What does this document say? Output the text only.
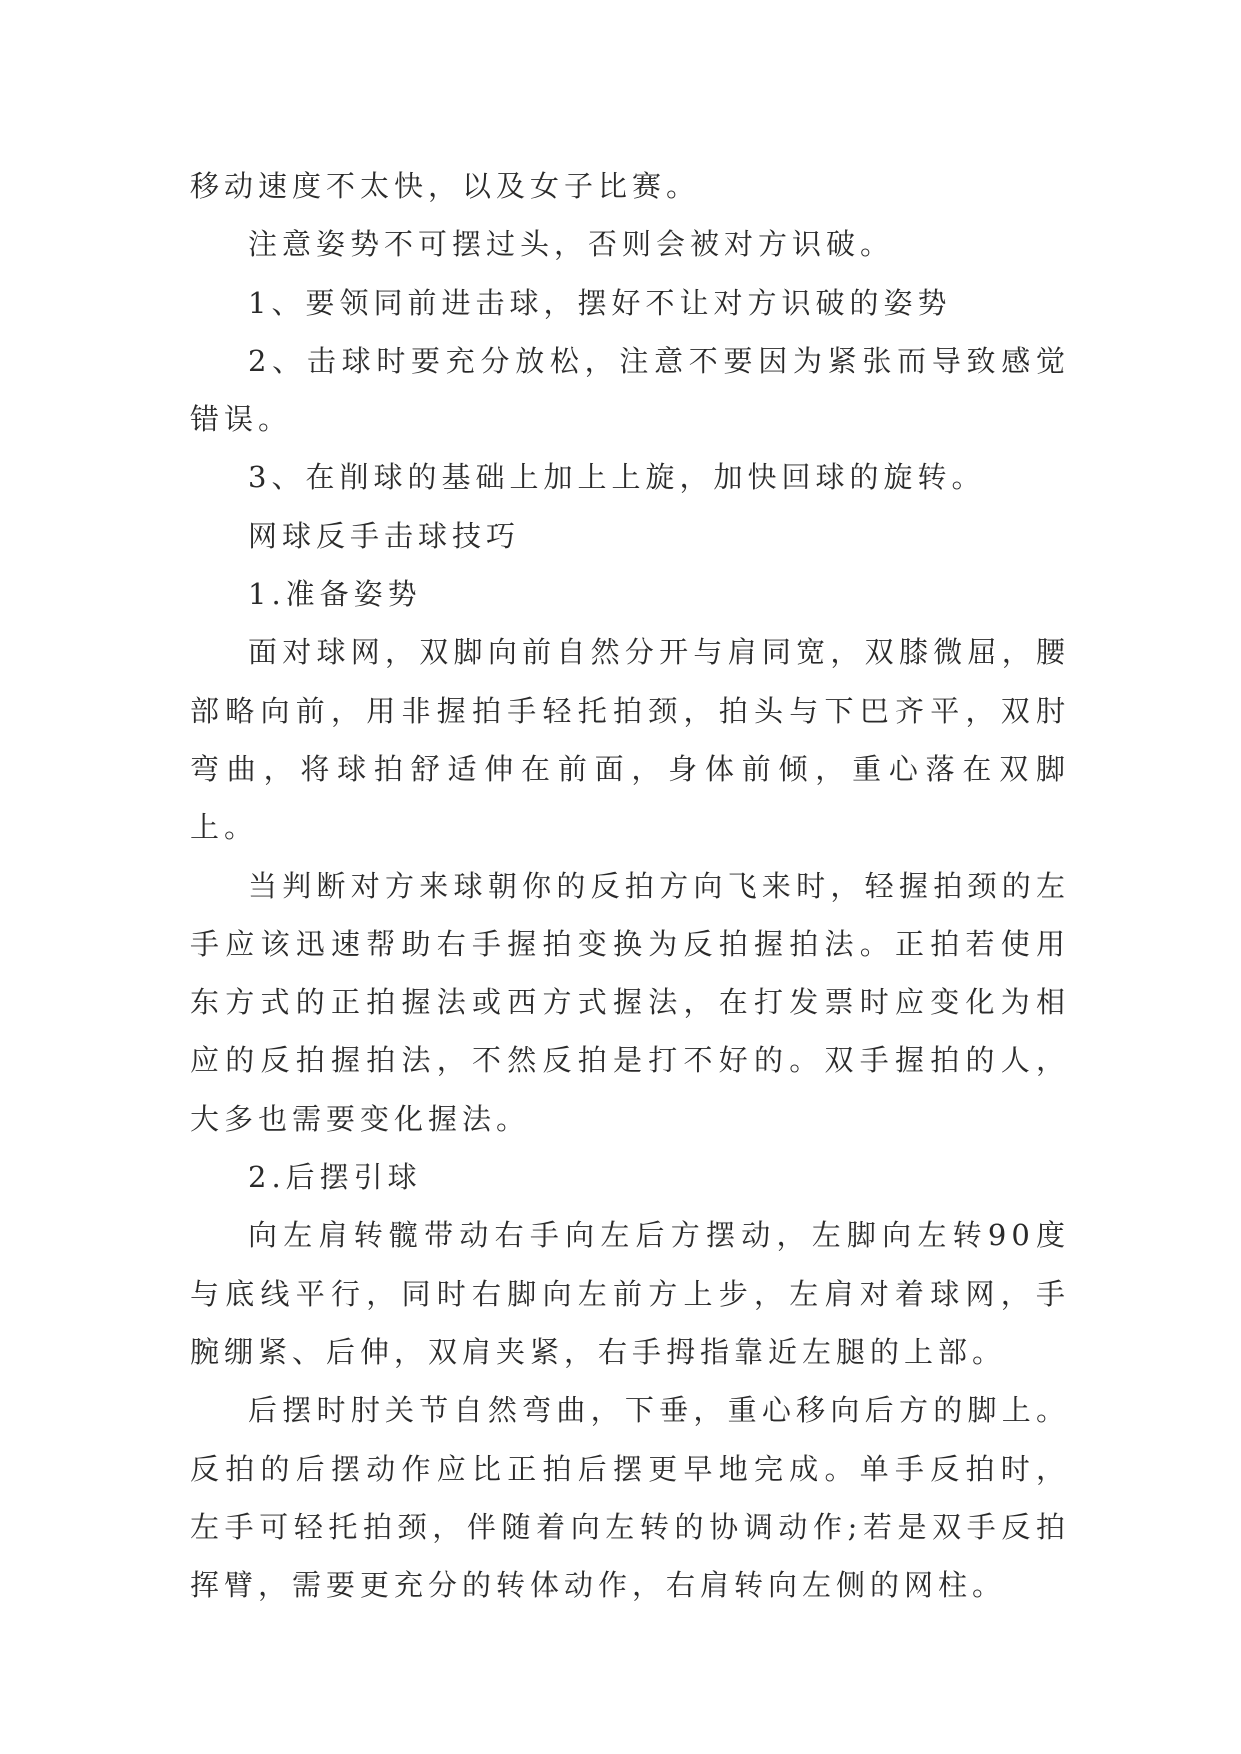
移动速度不太快，以及女子比赛。

注意姿势不可摆过头，否则会被对方识破。

1、要领同前进击球，摆好不让对方识破的姿势

2、击球时要充分放松，注意不要因为紧张而导致感觉错误。

3、在削球的基础上加上上旋，加快回球的旋转。

网球反手击球技巧

1.准备姿势

面对球网，双脚向前自然分开与肩同宽，双膝微屈，腰部略向前，用非握拍手轻托拍颈，拍头与下巴齐平，双肘弯曲，将球拍舒适伸在前面，身体前倾，重心落在双脚上。

当判断对方来球朝你的反拍方向飞来时，轻握拍颈的左手应该迅速帮助右手握拍变换为反拍握拍法。正拍若使用东方式的正拍握法或西方式握法，在打发票时应变化为相应的反拍握拍法，不然反拍是打不好的。双手握拍的人，大多也需要变化握法。

2.后摆引球

向左肩转髋带动右手向左后方摆动，左脚向左转90度与底线平行，同时右脚向左前方上步，左肩对着球网，手腕绷紧、后伸，双肩夹紧，右手拇指靠近左腿的上部。

后摆时肘关节自然弯曲，下垂，重心移向后方的脚上。反拍的后摆动作应比正拍后摆更早地完成。单手反拍时，左手可轻托拍颈，伴随着向左转的协调动作;若是双手反拍挥臂，需要更充分的转体动作，右肩转向左侧的网柱。
